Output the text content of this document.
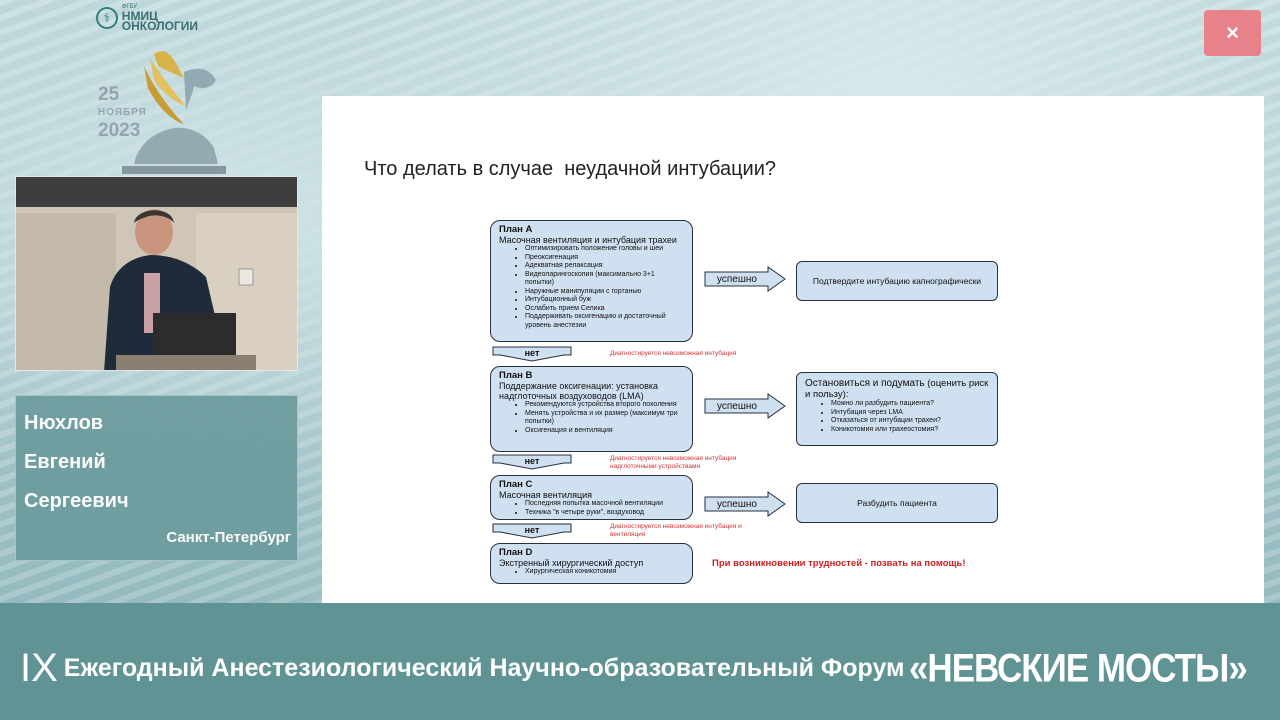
⚕
ФГБУ
НМИЦ ОНКОЛОГИИ
25
НОЯБРЯ
2023
Нюхлов
Евгений
Сергеевич
Санкт-Петербург
×
Что делать в случае  неудачной интубации?
План А
Масочная вентиляция и интубация трахеи
• Оптимизировать положение головы и шеи
• Преоксигенация
• Адекватная релаксация
• Видеоларингоскопия (максимально 3+1 попытки)
• Наружные манипуляции с гортанью
• Интубационный буж
• Ослабить прием Селика
• Поддерживать оксигенацию и достаточный уровень анестезии
успешно	Подтвердите интубацию капнографически
нет	Диагностируется невозможная интубация
План В
Поддержание оксигенации: установка надглоточных воздуховодов (LMA)
• Рекомендуются устройства второго поколения
• Менять устройства и их размер (максимум три попытки)
• Оксигенация и вентиляция
успешно
Остановиться и подумать (оценить риск и пользу):
• Можно ли разбудить пациента?
• Интубация через LMA
• Отказаться от интубации трахеи?
• Коникотомия или трахеостомия?
нет	Диагностируется невозможная интубация надглоточными устройствами
План С
Масочная вентиляция
• Последняя попытка масочной вентиляции
• Техника "в четыре руки", воздуховод
успешно	Разбудить пациента
нет	Диагностируется невозможная интубация и вентиляция
План D
Экстренный хирургический доступ
• Хирургическая коникотомия
При возникновении трудностей - позвать на помощь!
IX Ежегодный Анестезиологический Научно-образовательный Форум «НЕВСКИЕ МОСТЫ»
